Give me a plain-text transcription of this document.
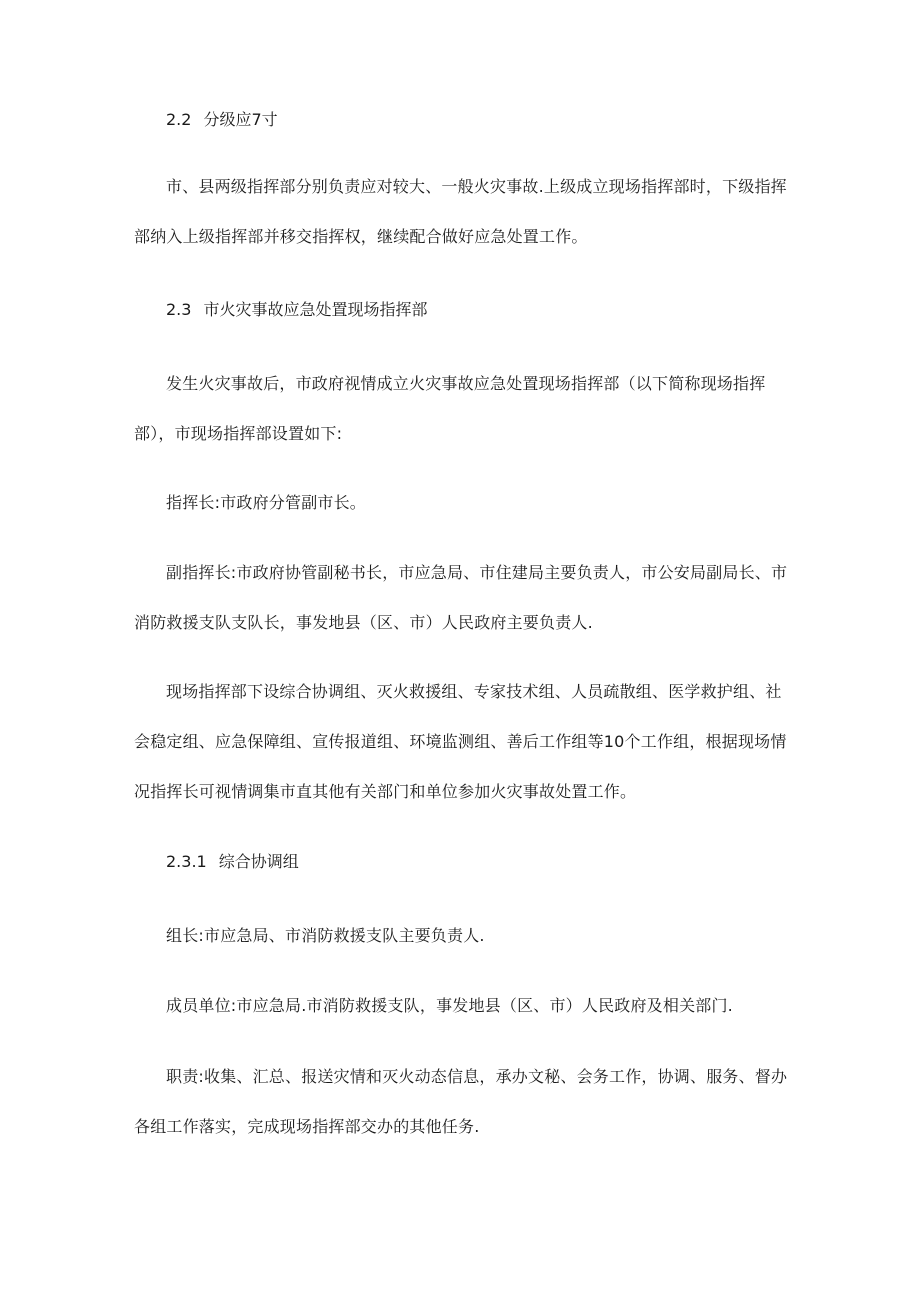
2.2 分级应7寸

市、县两级指挥部分别负责应对较大、一般火灾事故.上级成立现场指挥部时，下级指挥部纳入上级指挥部并移交指挥权，继续配合做好应急处置工作。

2.3 市火灾事故应急处置现场指挥部

发生火灾事故后，市政府视情成立火灾事故应急处置现场指挥部（以下简称现场指挥部），市现场指挥部设置如下:

指挥长:市政府分管副市长。

副指挥长:市政府协管副秘书长，市应急局、市住建局主要负责人，市公安局副局长、市消防救援支队支队长，事发地县（区、市）人民政府主要负责人.

现场指挥部下设综合协调组、灭火救援组、专家技术组、人员疏散组、医学救护组、社会稳定组、应急保障组、宣传报道组、环境监测组、善后工作组等10个工作组，根据现场情况指挥长可视情调集市直其他有关部门和单位参加火灾事故处置工作。

2.3.1 综合协调组

组长:市应急局、市消防救援支队主要负责人.

成员单位:市应急局.市消防救援支队，事发地县（区、市）人民政府及相关部门.

职责:收集、汇总、报送灾情和灭火动态信息，承办文秘、会务工作，协调、服务、督办各组工作落实，完成现场指挥部交办的其他任务.
